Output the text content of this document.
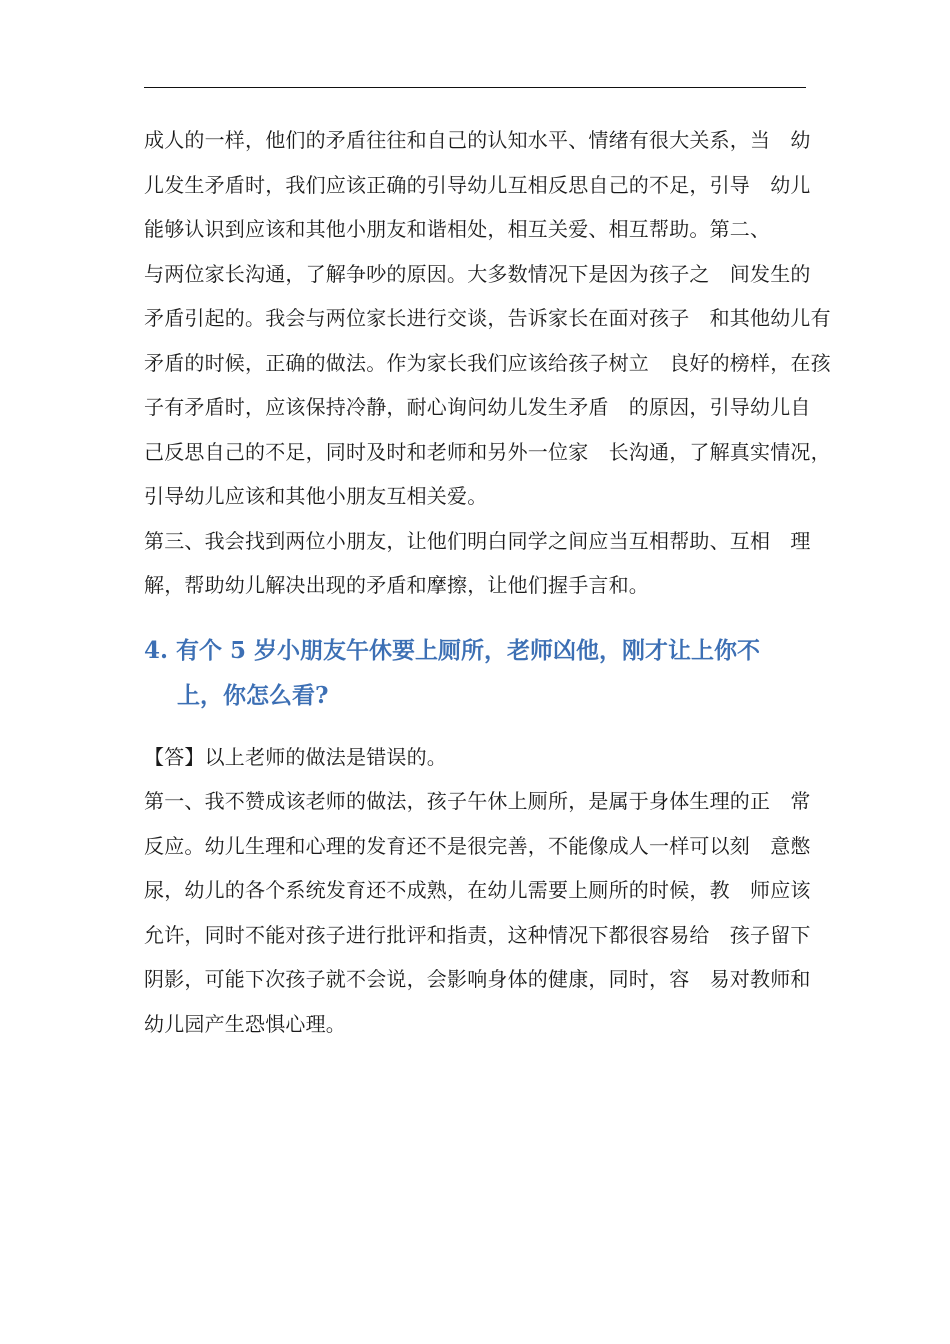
成人的一样，他们的矛盾往往和自己的认知水平、情绪有很大关系，当　幼
儿发生矛盾时，我们应该正确的引导幼儿互相反思自己的不足，引导　幼儿
能够认识到应该和其他小朋友和谐相处，相互关爱、相互帮助。第二、
与两位家长沟通，了解争吵的原因。大多数情况下是因为孩子之　间发生的
矛盾引起的。我会与两位家长进行交谈，告诉家长在面对孩子　和其他幼儿有
矛盾的时候，正确的做法。作为家长我们应该给孩子树立　良好的榜样，在孩
子有矛盾时，应该保持冷静，耐心询问幼儿发生矛盾　的原因，引导幼儿自
己反思自己的不足，同时及时和老师和另外一位家　长沟通，了解真实情况，
引导幼儿应该和其他小朋友互相关爱。
第三、我会找到两位小朋友，让他们明白同学之间应当互相帮助、互相　理
解，帮助幼儿解决出现的矛盾和摩擦，让他们握手言和。
4. 有个 5 岁小朋友午休要上厕所，老师凶他，刚才让上你不
上，你怎么看?
【答】以上老师的做法是错误的。
第一、我不赞成该老师的做法，孩子午休上厕所，是属于身体生理的正　常
反应。幼儿生理和心理的发育还不是很完善，不能像成人一样可以刻　意憋
尿，幼儿的各个系统发育还不成熟，在幼儿需要上厕所的时候，教　师应该
允许，同时不能对孩子进行批评和指责，这种情况下都很容易给　孩子留下
阴影，可能下次孩子就不会说，会影响身体的健康，同时，容　易对教师和
幼儿园产生恐惧心理。
